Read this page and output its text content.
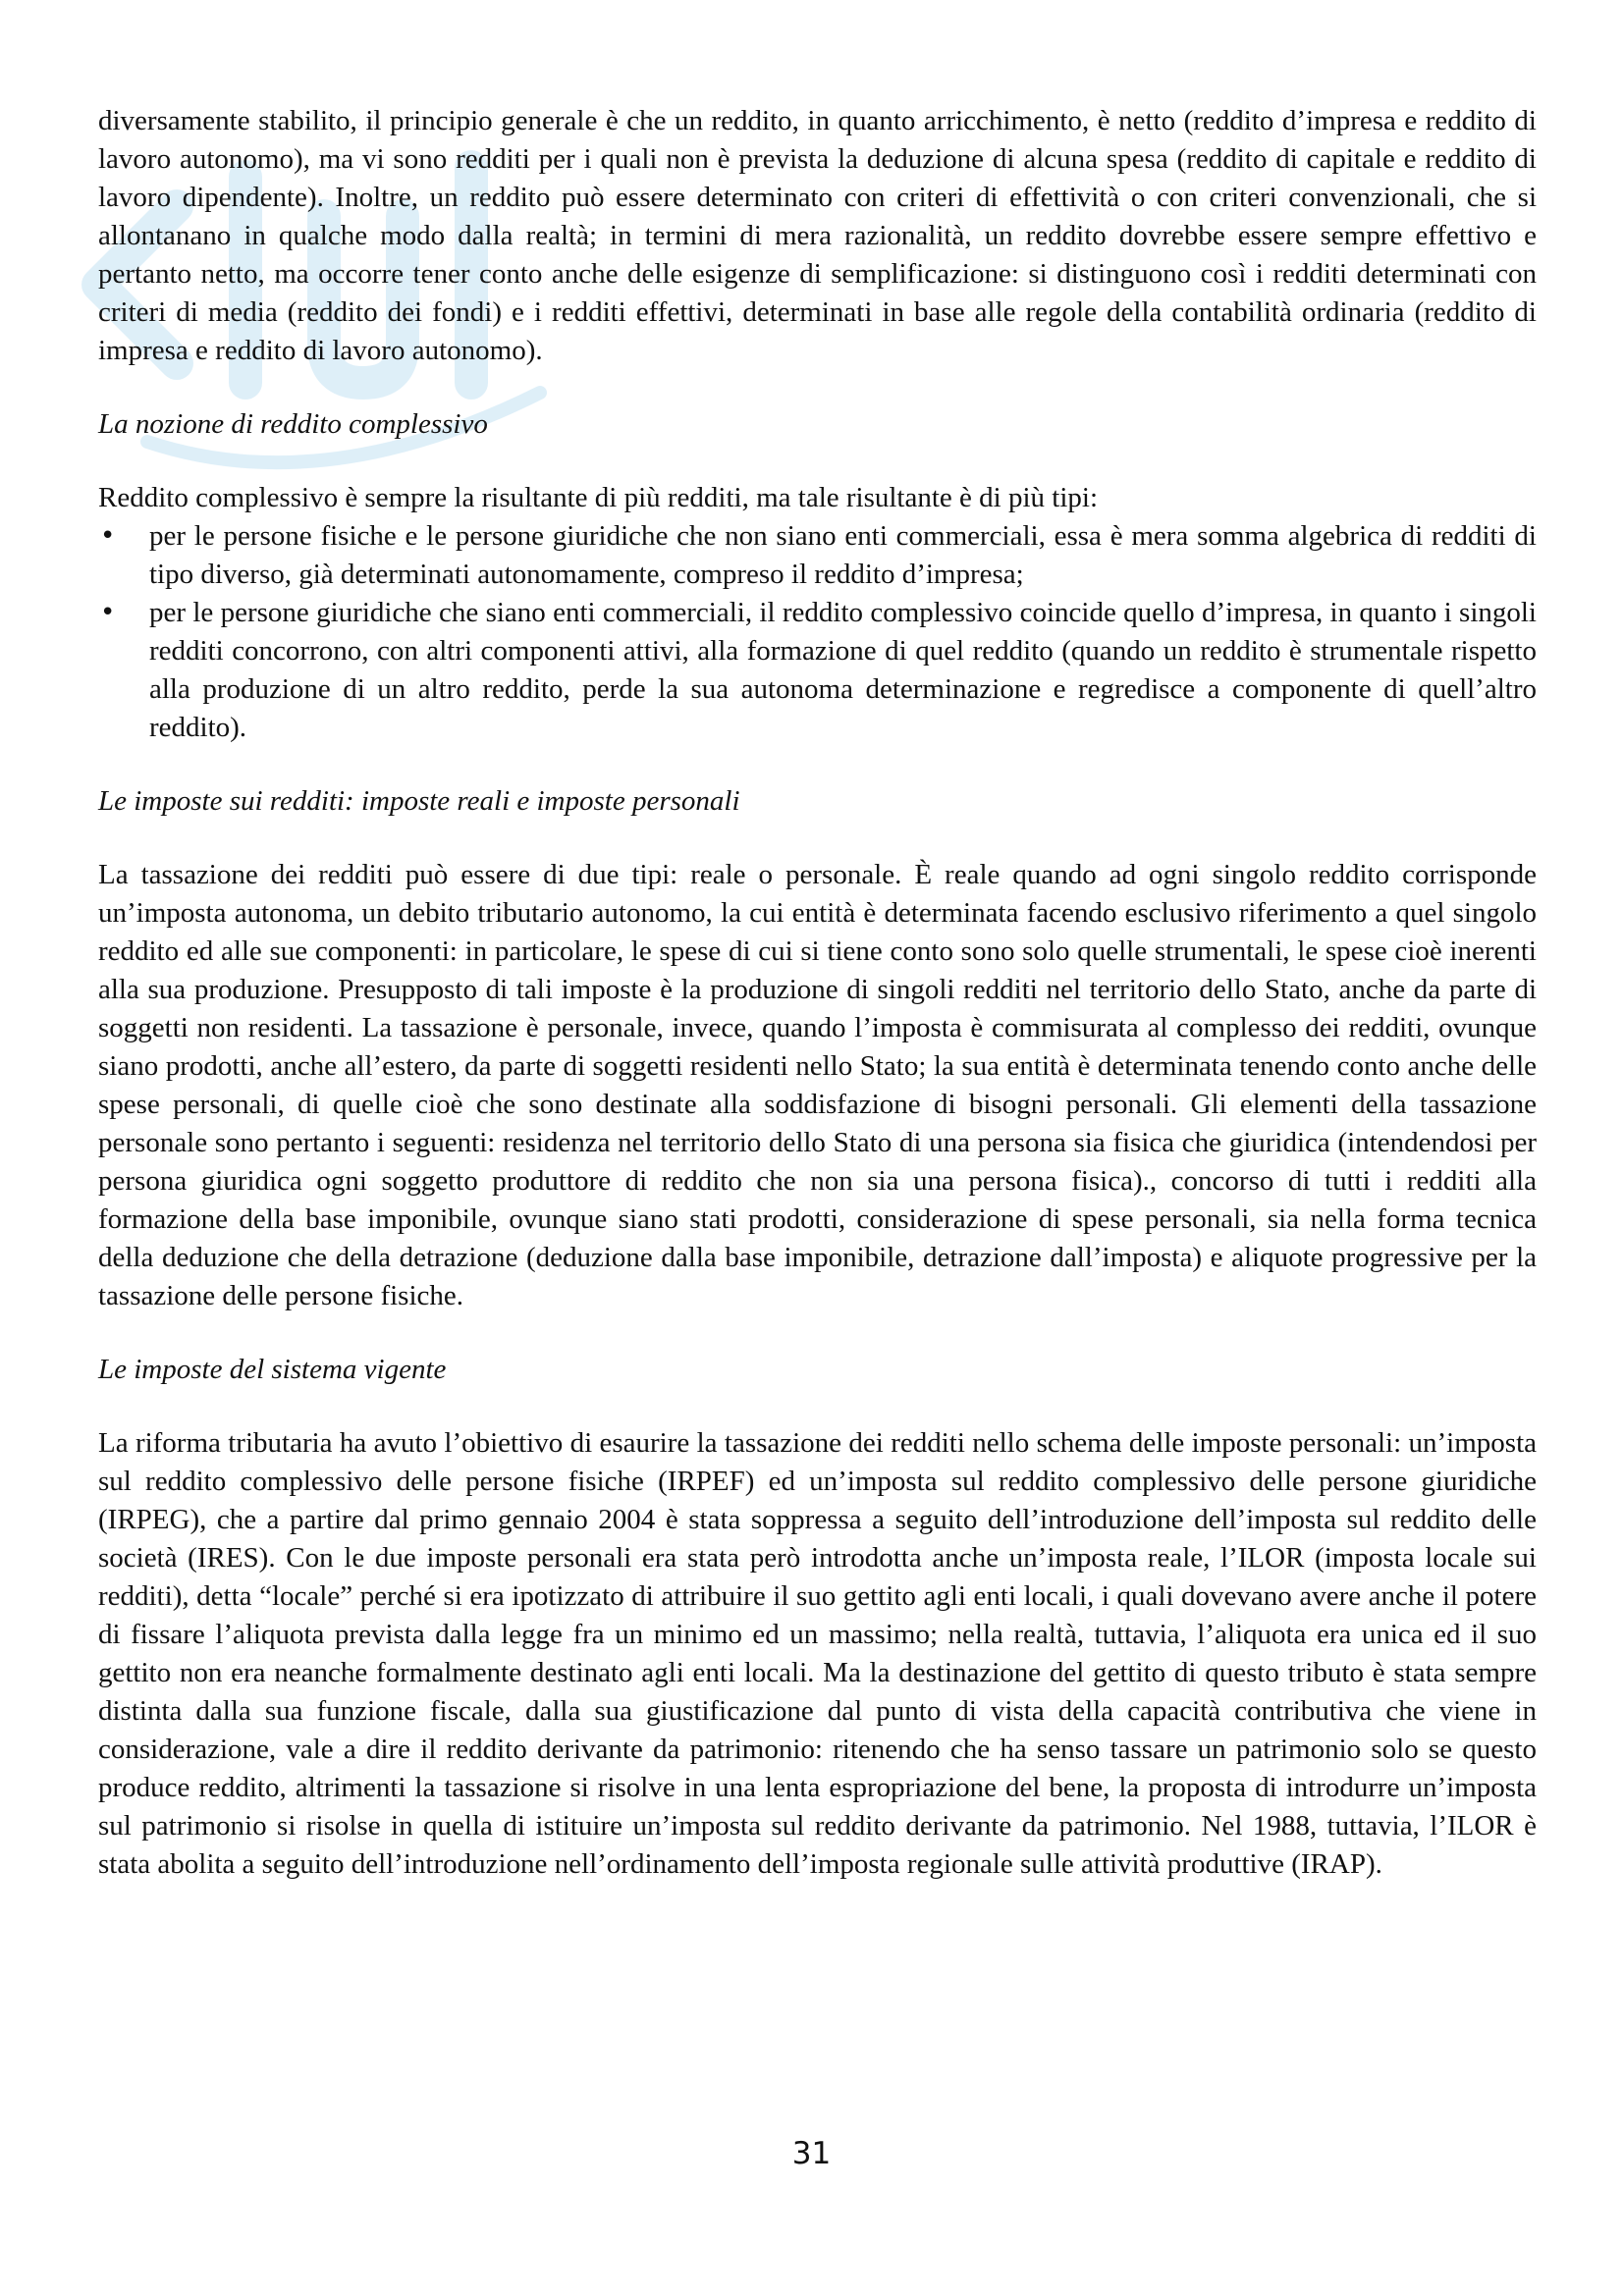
diversamente stabilito, il principio generale è che un reddito, in quanto arricchimento, è netto (reddito d’impresa e reddito di lavoro autonomo), ma vi sono redditi per i quali non è prevista la deduzione di alcuna spesa (reddito di capitale e reddito di lavoro dipendente). Inoltre, un reddito può essere determinato con criteri di effettività o con criteri convenzionali, che si allontanano in qualche modo dalla realtà; in termini di mera razionalità, un reddito dovrebbe essere sempre effettivo e pertanto netto, ma occorre tener conto anche delle esigenze di semplificazione: si distinguono così i redditi determinati con criteri di media (reddito dei fondi) e i redditi effettivi, determinati in base alle regole della contabilità ordinaria (reddito di impresa e reddito di lavoro autonomo).

La nozione di reddito complessivo

Reddito complessivo è sempre la risultante di più redditi, ma tale risultante è di più tipi:

• per le persone fisiche e le persone giuridiche che non siano enti commerciali, essa è mera somma algebrica di redditi di tipo diverso, già determinati autonomamente, compreso il reddito d’impresa;
• per le persone giuridiche che siano enti commerciali, il reddito complessivo coincide quello d’impresa, in quanto i singoli redditi concorrono, con altri componenti attivi, alla formazione di quel reddito (quando un reddito è strumentale rispetto alla produzione di un altro reddito, perde la sua autonoma determinazione e regredisce a componente di quell’altro reddito).
Le imposte sui redditi: imposte reali e imposte personali

La tassazione dei redditi può essere di due tipi: reale o personale. È reale quando ad ogni singolo reddito corrisponde un’imposta autonoma, un debito tributario autonomo, la cui entità è determinata facendo esclusivo riferimento a quel singolo reddito ed alle sue componenti: in particolare, le spese di cui si tiene conto sono solo quelle strumentali, le spese cioè inerenti alla sua produzione. Presupposto di tali imposte è la produzione di singoli redditi nel territorio dello Stato, anche da parte di soggetti non residenti. La tassazione è personale, invece, quando l’imposta è commisurata al complesso dei redditi, ovunque siano prodotti, anche all’estero, da parte di soggetti residenti nello Stato; la sua entità è determinata tenendo conto anche delle spese personali, di quelle cioè che sono destinate alla soddisfazione di bisogni personali. Gli elementi della tassazione personale sono pertanto i seguenti: residenza nel territorio dello Stato di una persona sia fisica che giuridica (intendendosi per persona giuridica ogni soggetto produttore di reddito che non sia una persona fisica)., concorso di tutti i redditi alla formazione della base imponibile, ovunque siano stati prodotti, considerazione di spese personali, sia nella forma tecnica della deduzione che della detrazione (deduzione dalla base imponibile, detrazione dall’imposta) e aliquote progressive per la tassazione delle persone fisiche.

Le imposte del sistema vigente

La riforma tributaria ha avuto l’obiettivo di esaurire la tassazione dei redditi nello schema delle imposte personali: un’imposta sul reddito complessivo delle persone fisiche (IRPEF) ed un’imposta sul reddito complessivo delle persone giuridiche (IRPEG), che a partire dal primo gennaio 2004 è stata soppressa a seguito dell’introduzione dell’imposta sul reddito delle società (IRES). Con le due imposte personali era stata però introdotta anche un’imposta reale, l’ILOR (imposta locale sui redditi), detta “locale” perché si era ipotizzato di attribuire il suo gettito agli enti locali, i quali dovevano avere anche il potere di fissare l’aliquota prevista dalla legge fra un minimo ed un massimo; nella realtà, tuttavia, l’aliquota era unica ed il suo gettito non era neanche formalmente destinato agli enti locali. Ma la destinazione del gettito di questo tributo è stata sempre distinta dalla sua funzione fiscale, dalla sua giustificazione dal punto di vista della capacità contributiva che viene in considerazione, vale a dire il reddito derivante da patrimonio: ritenendo che ha senso tassare un patrimonio solo se questo produce reddito, altrimenti la tassazione si risolve in una lenta espropriazione del bene, la proposta di introdurre un’imposta sul patrimonio si risolse in quella di istituire un’imposta sul reddito derivante da patrimonio. Nel 1988, tuttavia, l’ILOR è stata abolita a seguito dell’introduzione nell’ordinamento dell’imposta regionale sulle attività produttive (IRAP).

31
